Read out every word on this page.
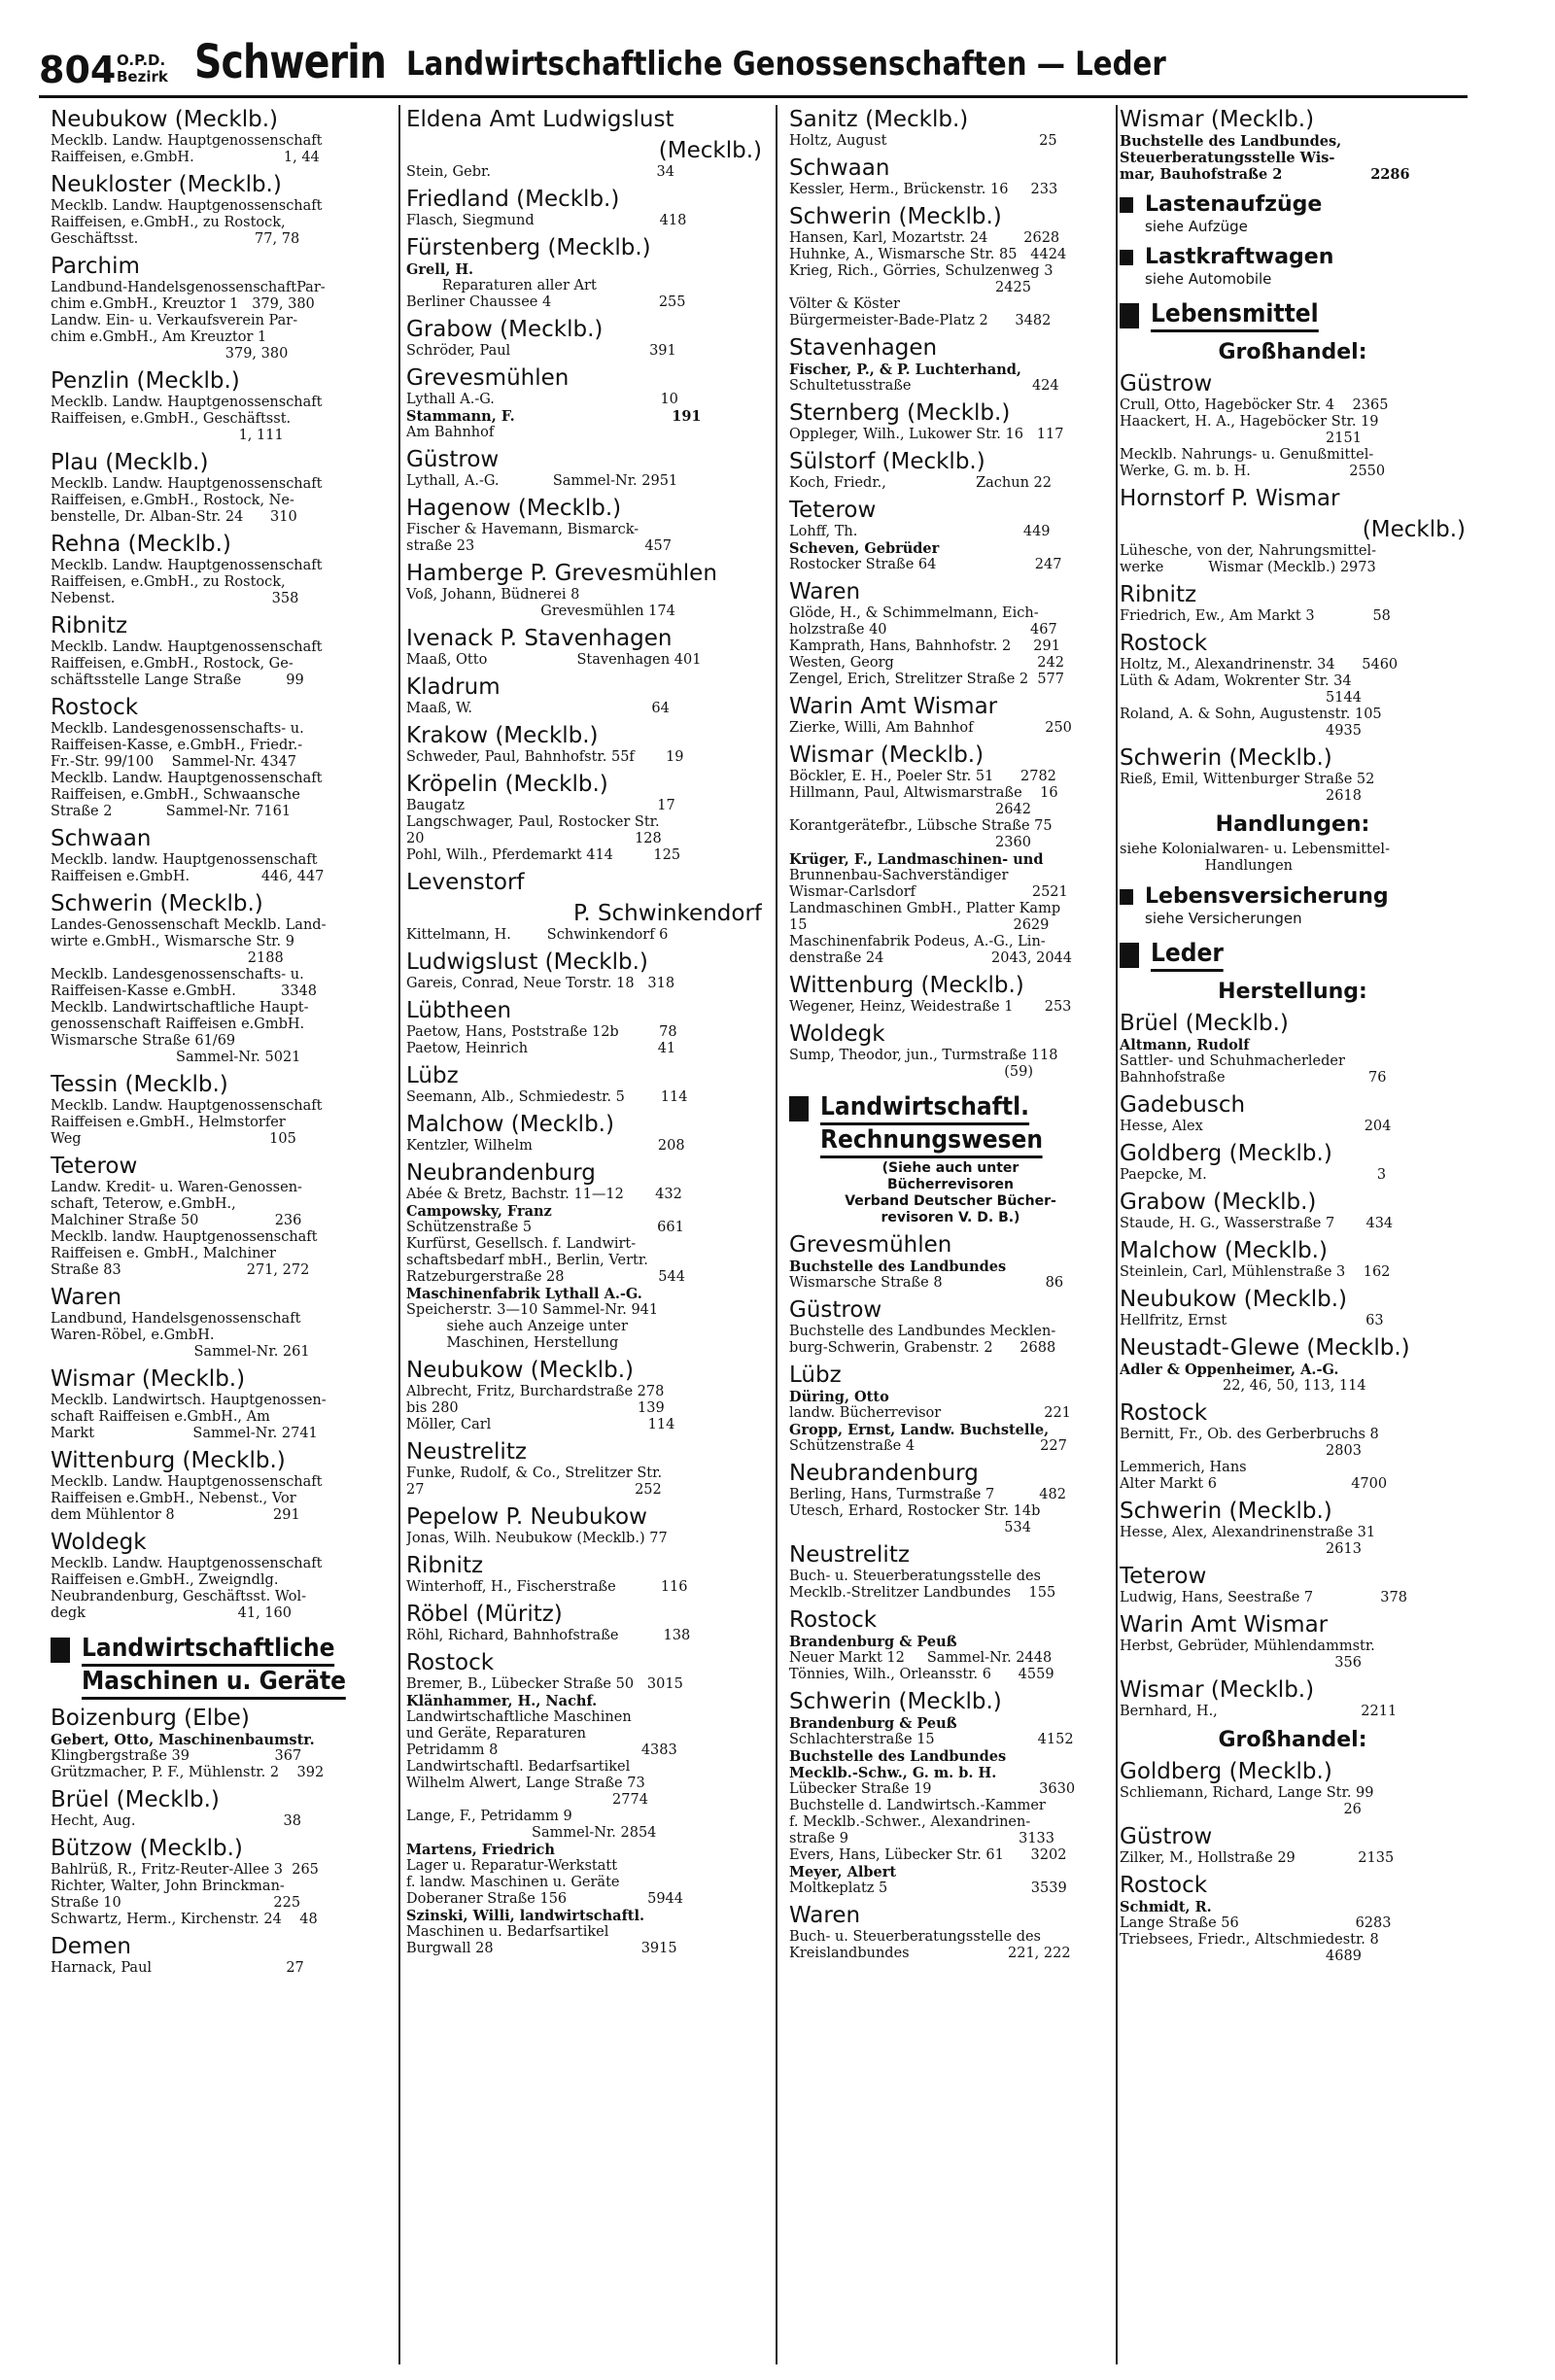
804 O.P.D.
Bezirk Schwerin Landwirtschaftliche Genossenschaften — Leder
Neubukow (Mecklb.)
Mecklb. Landw. Hauptgenossenschaft
Raiffeisen, e.GmbH.                    1, 44
Neukloster (Mecklb.)
Mecklb. Landw. Hauptgenossenschaft
Raiffeisen, e.GmbH., zu Rostock,
Geschäftsst.                          77, 78
Parchim
Landbund-HandelsgenossenschaftPar-
chim e.GmbH., Kreuztor 1   379, 380
Landw. Ein- u. Verkaufsverein Par-
chim e.GmbH., Am Kreuztor 1
379, 380
Penzlin (Mecklb.)
Mecklb. Landw. Hauptgenossenschaft
Raiffeisen, e.GmbH., Geschäftsst.
1, 111
Plau (Mecklb.)
Mecklb. Landw. Hauptgenossenschaft
Raiffeisen, e.GmbH., Rostock, Ne-
benstelle, Dr. Alban-Str. 24      310
Rehna (Mecklb.)
Mecklb. Landw. Hauptgenossenschaft
Raiffeisen, e.GmbH., zu Rostock,
Nebenst.                                   358
Ribnitz
Mecklb. Landw. Hauptgenossenschaft
Raiffeisen, e.GmbH., Rostock, Ge-
schäftsstelle Lange Straße          99
Rostock
Mecklb. Landesgenossenschafts- u.
Raiffeisen-Kasse, e.GmbH., Friedr.-
Fr.-Str. 99/100    Sammel-Nr. 4347
Mecklb. Landw. Hauptgenossenschaft
Raiffeisen, e.GmbH., Schwaansche
Straße 2            Sammel-Nr. 7161
Schwaan
Mecklb. landw. Hauptgenossenschaft
Raiffeisen e.GmbH.                446, 447
Schwerin (Mecklb.)
Landes-Genossenschaft Mecklb. Land-
wirte e.GmbH., Wismarsche Str. 9
2188
Mecklb. Landesgenossenschafts- u.
Raiffeisen-Kasse e.GmbH.          3348
Mecklb. Landwirtschaftliche Haupt-
genossenschaft Raiffeisen e.GmbH.
Wismarsche Straße 61/69
Sammel-Nr. 5021
Tessin (Mecklb.)
Mecklb. Landw. Hauptgenossenschaft
Raiffeisen e.GmbH., Helmstorfer
Weg                                          105
Teterow
Landw. Kredit- u. Waren-Genossen-
schaft, Teterow, e.GmbH.,
Malchiner Straße 50                 236
Mecklb. landw. Hauptgenossenschaft
Raiffeisen e. GmbH., Malchiner
Straße 83                            271, 272
Waren
Landbund, Handelsgenossenschaft
Waren-Röbel, e.GmbH.
Sammel-Nr. 261
Wismar (Mecklb.)
Mecklb. Landwirtsch. Hauptgenossen-
schaft Raiffeisen e.GmbH., Am
Markt                      Sammel-Nr. 2741
Wittenburg (Mecklb.)
Mecklb. Landw. Hauptgenossenschaft
Raiffeisen e.GmbH., Nebenst., Vor
dem Mühlentor 8                      291
Woldegk
Mecklb. Landw. Hauptgenossenschaft
Raiffeisen e.GmbH., Zweigndlg.
Neubrandenburg, Geschäftsst. Wol-
degk                                  41, 160
Landwirtschaftliche
Maschinen u. Geräte
Boizenburg (Elbe)
Gebert, Otto, Maschinenbaumstr.
Klingbergstraße 39                   367
Grützmacher, P. F., Mühlenstr. 2    392
Brüel (Mecklb.)
Hecht, Aug.                                 38
Bützow (Mecklb.)
Bahlrüß, R., Fritz-Reuter-Allee 3  265
Richter, Walter, John Brinckman-
Straße 10                                  225
Schwartz, Herm., Kirchenstr. 24    48
Demen
Harnack, Paul                              27
Eldena Amt Ludwigslust
(Mecklb.)
Stein, Gebr.                                     34
Friedland (Mecklb.)
Flasch, Siegmund                            418
Fürstenberg (Mecklb.)
Grell, H.
Reparaturen aller Art
Berliner Chaussee 4                        255
Grabow (Mecklb.)
Schröder, Paul                               391
Grevesmühlen
Lythall A.-G.                                     10
Stammann, F.                                191
Am Bahnhof
Güstrow
Lythall, A.-G.            Sammel-Nr. 2951
Hagenow (Mecklb.)
Fischer & Havemann, Bismarck-
straße 23                                      457
Hamberge P. Grevesmühlen
Voß, Johann, Büdnerei 8
Grevesmühlen 174
Ivenack P. Stavenhagen
Maaß, Otto                    Stavenhagen 401
Kladrum
Maaß, W.                                        64
Krakow (Mecklb.)
Schweder, Paul, Bahnhofstr. 55f       19
Kröpelin (Mecklb.)
Baugatz                                           17
Langschwager, Paul, Rostocker Str.
20                                               128
Pohl, Wilh., Pferdemarkt 414         125
Levenstorf
P. Schwinkendorf
Kittelmann, H.        Schwinkendorf 6
Ludwigslust (Mecklb.)
Gareis, Conrad, Neue Torstr. 18   318
Lübtheen
Paetow, Hans, Poststraße 12b         78
Paetow, Heinrich                             41
Lübz
Seemann, Alb., Schmiedestr. 5        114
Malchow (Mecklb.)
Kentzler, Wilhelm                            208
Neubrandenburg
Abée & Bretz, Bachstr. 11—12       432
Campowsky, Franz
Schützenstraße 5                            661
Kurfürst, Gesellsch. f. Landwirt-
schaftsbedarf mbH., Berlin, Vertr.
Ratzeburgerstraße 28                     544
Maschinenfabrik Lythall A.-G.
Speicherstr. 3—10 Sammel-Nr. 941
siehe auch Anzeige unter
Maschinen, Herstellung
Neubukow (Mecklb.)
Albrecht, Fritz, Burchardstraße 278
bis 280                                        139
Möller, Carl                                   114
Neustrelitz
Funke, Rudolf, & Co., Strelitzer Str.
27                                               252
Pepelow P. Neubukow
Jonas, Wilh. Neubukow (Mecklb.) 77
Ribnitz
Winterhoff, H., Fischerstraße          116
Röbel (Müritz)
Röhl, Richard, Bahnhofstraße          138
Rostock
Bremer, B., Lübecker Straße 50   3015
Klänhammer, H., Nachf.
Landwirtschaftliche Maschinen
und Geräte, Reparaturen
Petridamm 8                                4383
Landwirtschaftl. Bedarfsartikel
Wilhelm Alwert, Lange Straße 73
2774
Lange, F., Petridamm 9
Sammel-Nr. 2854
Martens, Friedrich
Lager u. Reparatur-Werkstatt
f. landw. Maschinen u. Geräte
Doberaner Straße 156                  5944
Szinski, Willi, landwirtschaftl.
Maschinen u. Bedarfsartikel
Burgwall 28                                 3915
Sanitz (Mecklb.)
Holtz, August                                  25
Schwaan
Kessler, Herm., Brückenstr. 16     233
Schwerin (Mecklb.)
Hansen, Karl, Mozartstr. 24        2628
Huhnke, A., Wismarsche Str. 85   4424
Krieg, Rich., Görries, Schulzenweg 3
2425
Völter & Köster
Bürgermeister-Bade-Platz 2      3482
Stavenhagen
Fischer, P., & P. Luchterhand,
Schultetusstraße                           424
Sternberg (Mecklb.)
Oppleger, Wilh., Lukower Str. 16   117
Sülstorf (Mecklb.)
Koch, Friedr.,                    Zachun 22
Teterow
Lohff, Th.                                     449
Scheven, Gebrüder
Rostocker Straße 64                      247
Waren
Glöde, H., & Schimmelmann, Eich-
holzstraße 40                                467
Kamprath, Hans, Bahnhofstr. 2     291
Westen, Georg                                242
Zengel, Erich, Strelitzer Straße 2  577
Warin Amt Wismar
Zierke, Willi, Am Bahnhof                250
Wismar (Mecklb.)
Böckler, E. H., Poeler Str. 51      2782
Hillmann, Paul, Altwismarstraße    16
2642
Korantgerätefbr., Lübsche Straße 75
2360
Krüger, F., Landmaschinen- und
Brunnenbau-Sachverständiger
Wismar-Carlsdorf                          2521
Landmaschinen GmbH., Platter Kamp
15                                              2629
Maschinenfabrik Podeus, A.-G., Lin-
denstraße 24                        2043, 2044
Wittenburg (Mecklb.)
Wegener, Heinz, Weidestraße 1       253
Woldegk
Sump, Theodor, jun., Turmstraße 118
(59)
Landwirtschaftl.
Rechnungswesen
(Siehe auch unter
Bücherrevisoren
Verband Deutscher Bücher-
revisoren V. D. B.)
Grevesmühlen
Buchstelle des Landbundes
Wismarsche Straße 8                       86
Güstrow
Buchstelle des Landbundes Mecklen-
burg-Schwerin, Grabenstr. 2      2688
Lübz
Düring, Otto
landw. Bücherrevisor                       221
Gropp, Ernst, Landw. Buchstelle,
Schützenstraße 4                            227
Neubrandenburg
Berling, Hans, Turmstraße 7          482
Utesch, Erhard, Rostocker Str. 14b
534
Neustrelitz
Buch- u. Steuerberatungsstelle des
Mecklb.-Strelitzer Landbundes    155
Rostock
Brandenburg & Peuß
Neuer Markt 12     Sammel-Nr. 2448
Tönnies, Wilh., Orleansstr. 6      4559
Schwerin (Mecklb.)
Brandenburg & Peuß
Schlachterstraße 15                       4152
Buchstelle des Landbundes
Mecklb.-Schw., G. m. b. H.
Lübecker Straße 19                        3630
Buchstelle d. Landwirtsch.-Kammer
f. Mecklb.-Schwer., Alexandrinen-
straße 9                                      3133
Evers, Hans, Lübecker Str. 61      3202
Meyer, Albert
Moltkeplatz 5                                3539
Waren
Buch- u. Steuerberatungsstelle des
Kreislandbundes                      221, 222
Wismar (Mecklb.)
Buchstelle des Landbundes,
Steuerberatungsstelle Wis-
mar, Bauhofstraße 2                  2286
Lastenaufzüge
siehe Aufzüge
Lastkraftwagen
siehe Automobile
Lebensmittel
Großhandel:
Güstrow
Crull, Otto, Hageböcker Str. 4    2365
Haackert, H. A., Hageböcker Str. 19
2151
Mecklb. Nahrungs- u. Genußmittel-
Werke, G. m. b. H.                      2550
Hornstorf P. Wismar
(Mecklb.)
Lühesche, von der, Nahrungsmittel-
werke          Wismar (Mecklb.) 2973
Ribnitz
Friedrich, Ew., Am Markt 3             58
Rostock
Holtz, M., Alexandrinenstr. 34      5460
Lüth & Adam, Wokrenter Str. 34
5144
Roland, A. & Sohn, Augustenstr. 105
4935
Schwerin (Mecklb.)
Rieß, Emil, Wittenburger Straße 52
2618
Handlungen:
siehe Kolonialwaren- u. Lebensmittel-
Handlungen
Lebensversicherung
siehe Versicherungen
Leder
Herstellung:
Brüel (Mecklb.)
Altmann, Rudolf
Sattler- und Schuhmacherleder
Bahnhofstraße                                76
Gadebusch
Hesse, Alex                                    204
Goldberg (Mecklb.)
Paepcke, M.                                      3
Grabow (Mecklb.)
Staude, H. G., Wasserstraße 7       434
Malchow (Mecklb.)
Steinlein, Carl, Mühlenstraße 3    162
Neubukow (Mecklb.)
Hellfritz, Ernst                               63
Neustadt-Glewe (Mecklb.)
Adler & Oppenheimer, A.-G.
22, 46, 50, 113, 114
Rostock
Bernitt, Fr., Ob. des Gerberbruchs 8
2803
Lemmerich, Hans
Alter Markt 6                              4700
Schwerin (Mecklb.)
Hesse, Alex, Alexandrinenstraße 31
2613
Teterow
Ludwig, Hans, Seestraße 7               378
Warin Amt Wismar
Herbst, Gebrüder, Mühlendammstr.
356
Wismar (Mecklb.)
Bernhard, H.,                                2211
Großhandel:
Goldberg (Mecklb.)
Schliemann, Richard, Lange Str. 99
26
Güstrow
Zilker, M., Hollstraße 29              2135
Rostock
Schmidt, R.
Lange Straße 56                          6283
Triebsees, Friedr., Altschmiedestr. 8
4689
